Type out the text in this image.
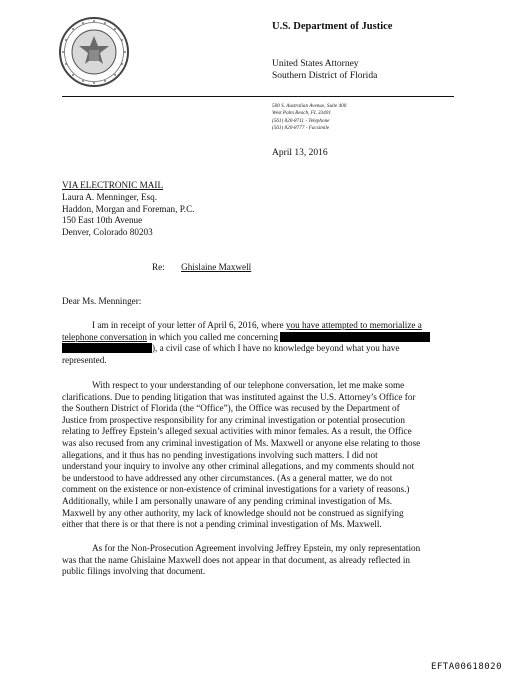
U.S. Department of Justice
United States Attorney
Southern District of Florida
500 S. Australian Avenue, Suite 400
West Palm Beach, FL 33401
(561) 820-8711 - Telephone
(561) 820-8777 - Facsimile
April 13, 2016
VIA ELECTRONIC MAIL
Laura A. Menninger, Esq.
Haddon, Morgan and Foreman, P.C.
150 East 10th Avenue
Denver, Colorado 80203
Re: Ghislaine Maxwell
Dear Ms. Menninger:
I am in receipt of your letter of April 6, 2016, where you have attempted to memorialize a
telephone conversation in which you called me concerning
), a civil case of which I have no knowledge beyond what you have
represented.
With respect to your understanding of our telephone conversation, let me make some
clarifications. Due to pending litigation that was instituted against the U.S. Attorney’s Office for
the Southern District of Florida (the “Office”), the Office was recused by the Department of
Justice from prospective responsibility for any criminal investigation or potential prosecution
relating to Jeffrey Epstein’s alleged sexual activities with minor females. As a result, the Office
was also recused from any criminal investigation of Ms. Maxwell or anyone else relating to those
allegations, and it thus has no pending investigations involving such matters. I did not
understand your inquiry to involve any other criminal allegations, and my comments should not
be understood to have addressed any other circumstances. (As a general matter, we do not
comment on the existence or non-existence of criminal investigations for a variety of reasons.)
Additionally, while I am personally unaware of any pending criminal investigation of Ms.
Maxwell by any other authority, my lack of knowledge should not be construed as signifying
either that there is or that there is not a pending criminal investigation of Ms. Maxwell.
As for the Non-Prosecution Agreement involving Jeffrey Epstein, my only representation
was that the name Ghislaine Maxwell does not appear in that document, as already reflected in
public filings involving that document.
EFTA00618020
